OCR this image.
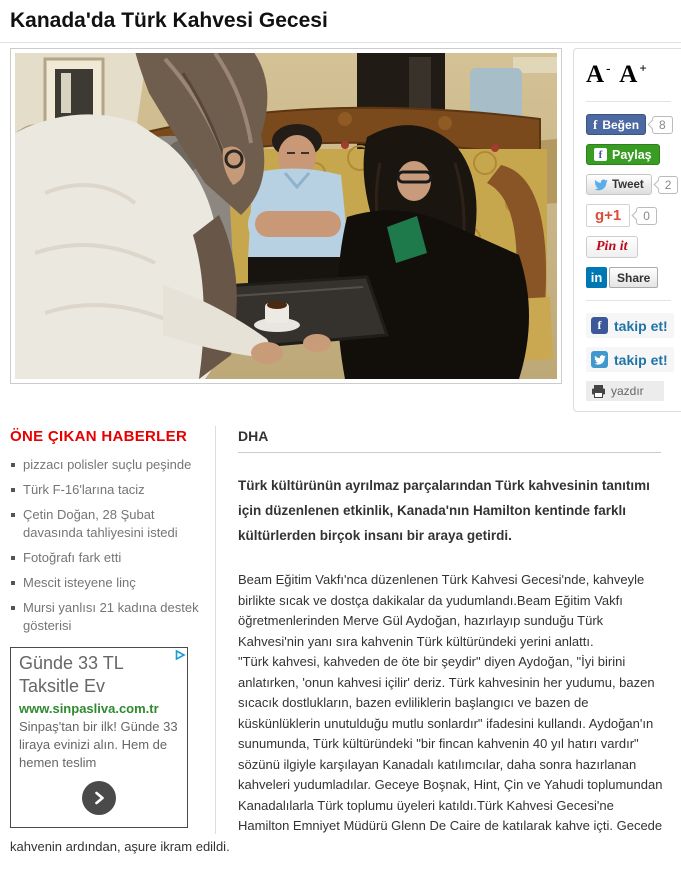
Kanada'da Türk Kahvesi Gecesi
A- A+
f Beğen	8
f Paylaş
Tweet	2
g+1	0
Pin it
in	Share
f takip et!
takip et!
yazdır
ÖNE ÇIKAN HABERLER
pizzacı polisler suçlu peşinde
Türk F-16'larına taciz
Çetin Doğan, 28 Şubat davasında tahliyesini istedi
Fotoğrafı fark etti
Mescit isteyene linç
Mursi yanlısı 21 kadına destek gösterisi
Günde 33 TL Taksitle Ev
www.sinpasliva.com.tr
Sinpaş'tan bir ilk! Günde 33 liraya evinizi alın. Hem de hemen teslim
DHA

Türk kültürünün ayrılmaz parçalarından Türk kahvesinin tanıtımı için düzenlenen etkinlik, Kanada'nın Hamilton kentinde farklı kültürlerden birçok insanı bir araya getirdi.

Beam Eğitim Vakfı'nca düzenlenen Türk Kahvesi Gecesi'nde, kahveyle birlikte sıcak ve dostça dakikalar da yudumlandı.Beam Eğitim Vakfı öğretmenlerinden Merve Gül Aydoğan, hazırlayıp sunduğu Türk Kahvesi'nin yanı sıra kahvenin Türk kültüründeki yerini anlattı.

"Türk kahvesi, kahveden de öte bir şeydir" diyen Aydoğan, "İyi birini anlatırken, 'onun kahvesi içilir' deriz. Türk kahvesinin her yudumu, bazen sıcacık dostlukların, bazen evliliklerin başlangıcı ve bazen de küskünlüklerin unutulduğu mutlu sonlardır" ifadesini kullandı. Aydoğan'ın sunumunda, Türk kültüründeki "bir fincan kahvenin 40 yıl hatırı vardır" sözünü ilgiyle karşılayan Kanadalı katılımcılar, daha sonra hazırlanan kahveleri yudumladılar. Geceye Boşnak, Hint, Çin ve Yahudi toplumundan Kanadalılarla Türk toplumu üyeleri katıldı.Türk Kahvesi Gecesi'ne Hamilton Emniyet Müdürü Glenn De Caire de katılarak kahve içti. Gecede kahvenin ardından, aşure ikram edildi.
